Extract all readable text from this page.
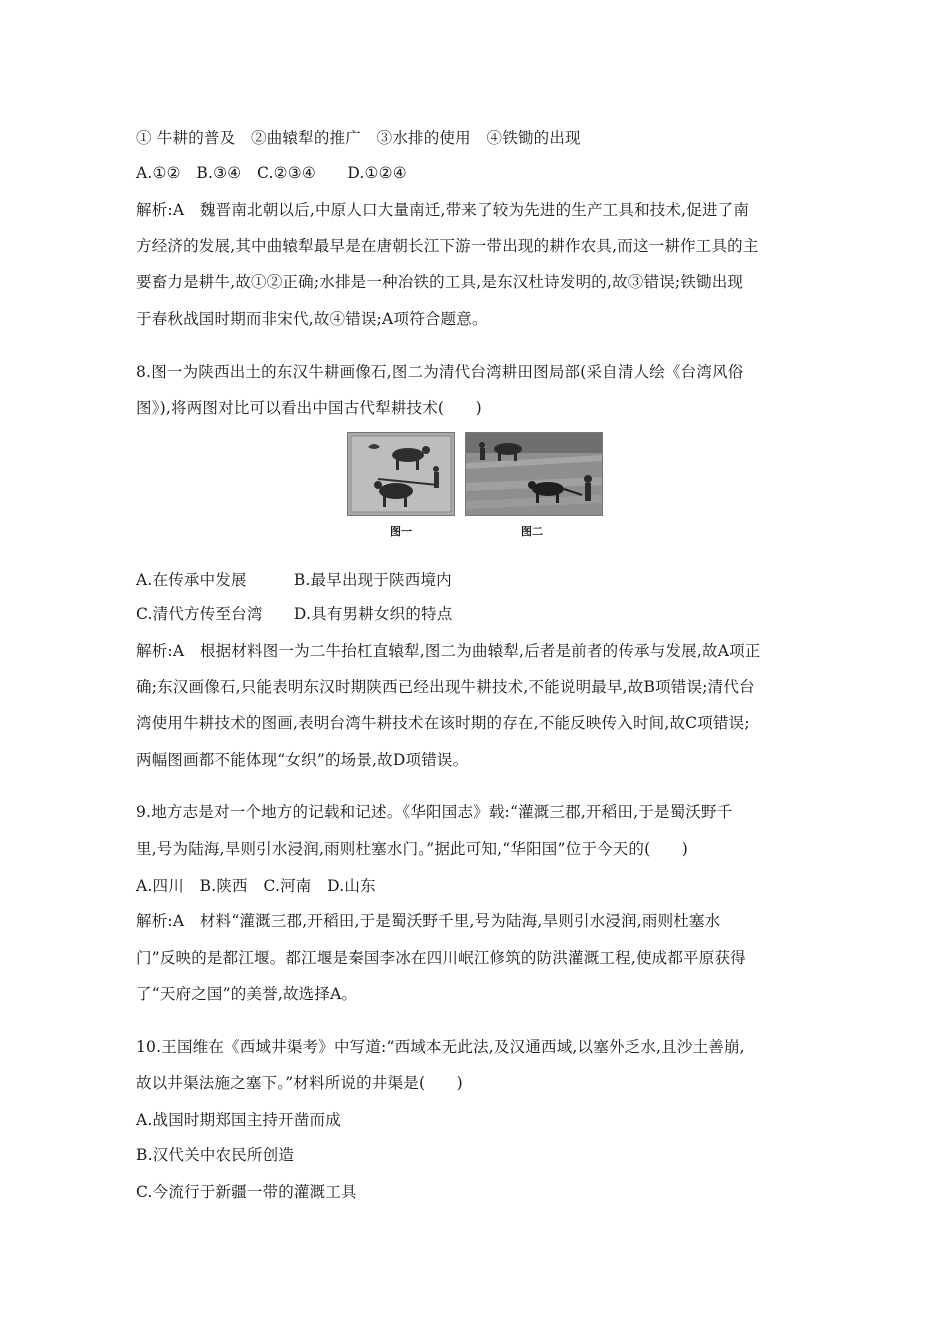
① 牛耕的普及　②曲辕犁的推广　③水排的使用　④铁锄的出现
A.①②　B.③④　C.②③④　　D.①②④
解析:A　魏晋南北朝以后,中原人口大量南迁,带来了较为先进的生产工具和技术,促进了南
方经济的发展,其中曲辕犁最早是在唐朝长江下游一带出现的耕作农具,而这一耕作工具的主
要畜力是耕牛,故①②正确;水排是一种冶铁的工具,是东汉杜诗发明的,故③错误;铁锄出现
于春秋战国时期而非宋代,故④错误;A项符合题意。
8.图一为陕西出土的东汉牛耕画像石,图二为清代台湾耕田图局部(采自清人绘《台湾风俗
图》),将两图对比可以看出中国古代犁耕技术(　　)
图一	图二
A.在传承中发展　　　B.最早出现于陕西境内
C.清代方传至台湾　　D.具有男耕女织的特点
解析:A　根据材料图一为二牛抬杠直辕犁,图二为曲辕犁,后者是前者的传承与发展,故A项正
确;东汉画像石,只能表明东汉时期陕西已经出现牛耕技术,不能说明最早,故B项错误;清代台
湾使用牛耕技术的图画,表明台湾牛耕技术在该时期的存在,不能反映传入时间,故C项错误;
两幅图画都不能体现“女织”的场景,故D项错误。
9.地方志是对一个地方的记载和记述。《华阳国志》载:“灌溉三郡,开稻田,于是蜀沃野千
里,号为陆海,旱则引水浸润,雨则杜塞水门。”据此可知,“华阳国”位于今天的(　　)
A.四川　B.陕西　C.河南　D.山东
解析:A　材料“灌溉三郡,开稻田,于是蜀沃野千里,号为陆海,旱则引水浸润,雨则杜塞水
门”反映的是都江堰。都江堰是秦国李冰在四川岷江修筑的防洪灌溉工程,使成都平原获得
了“天府之国”的美誉,故选择A。
10.王国维在《西域井渠考》中写道:“西域本无此法,及汉通西域,以塞外乏水,且沙土善崩,
故以井渠法施之塞下。”材料所说的井渠是(　　)
A.战国时期郑国主持开凿而成
B.汉代关中农民所创造
C.今流行于新疆一带的灌溉工具
